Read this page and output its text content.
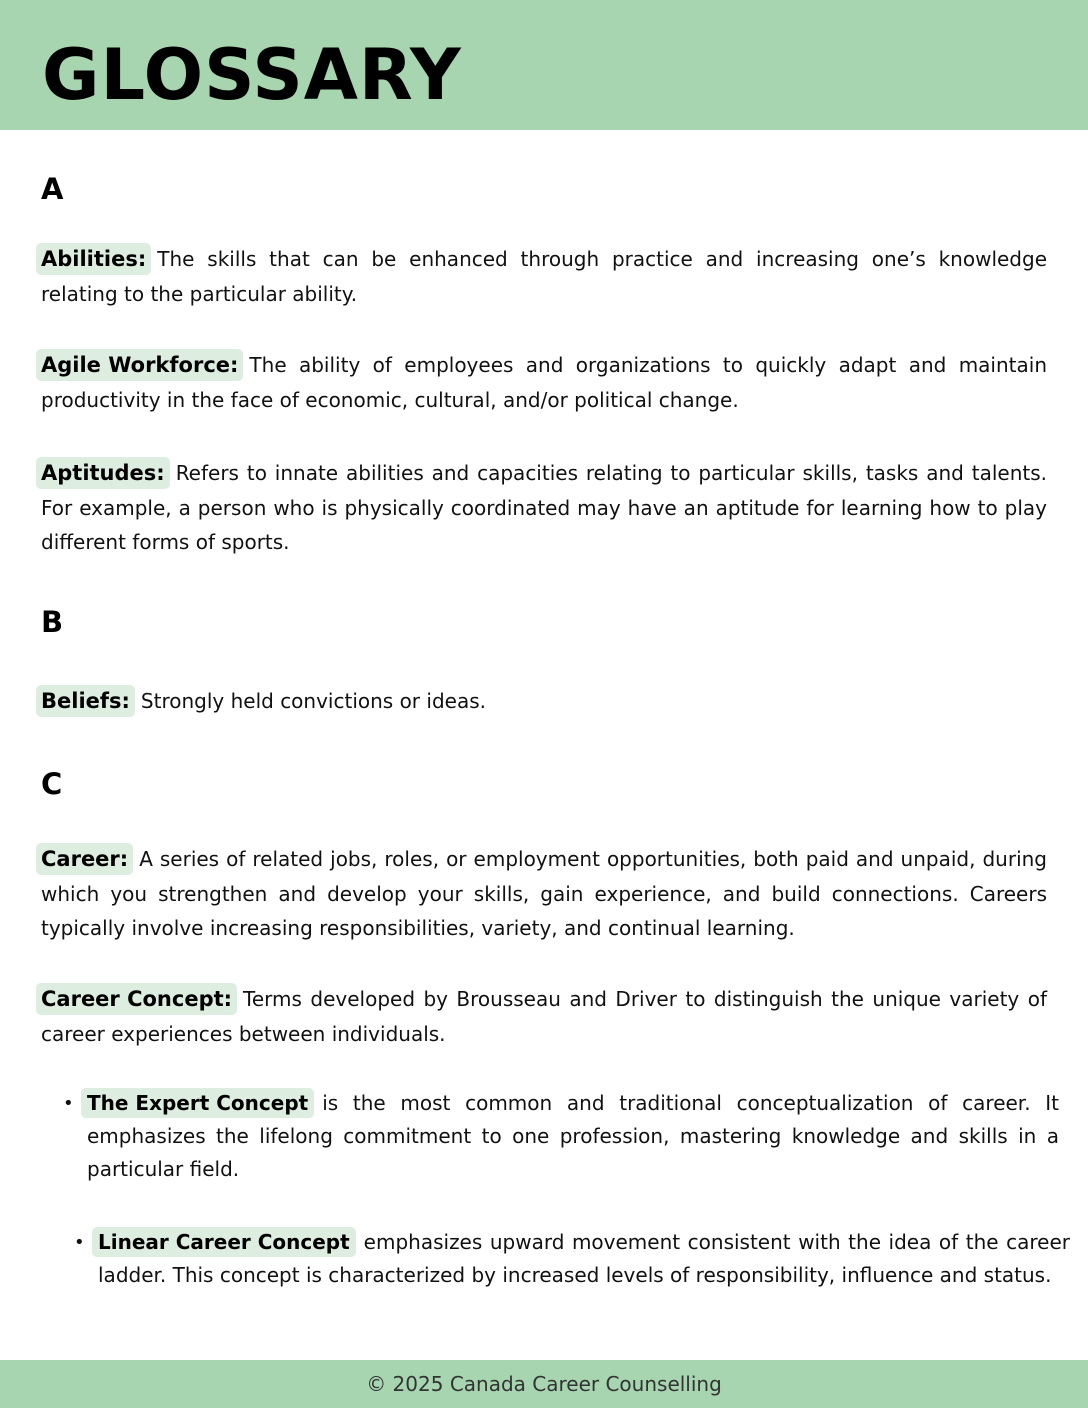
GLOSSARY
A

Abilities: The skills that can be enhanced through practice and increasing one’s knowledge relating to the particular ability.

Agile Workforce: The ability of employees and organizations to quickly adapt and maintain productivity in the face of economic, cultural, and/or political change.

Aptitudes: Refers to innate abilities and capacities relating to particular skills, tasks and talents. For example, a person who is physically coordinated may have an aptitude for learning how to play different forms of sports.

B

Beliefs: Strongly held convictions or ideas.

C

Career: A series of related jobs, roles, or employment opportunities, both paid and unpaid, during which you strengthen and develop your skills, gain experience, and build connections. Careers typically involve increasing responsibilities, variety, and continual learning.

Career Concept: Terms developed by Brousseau and Driver to distinguish the unique variety of career experiences between individuals.

• The Expert Concept is the most common and traditional conceptualization of career. It emphasizes the lifelong commitment to one profession, mastering knowledge and skills in a particular field.

• Linear Career Concept emphasizes upward movement consistent with the idea of the career ladder. This concept is characterized by increased levels of responsibility, influence and status.

© 2025 Canada Career Counselling
